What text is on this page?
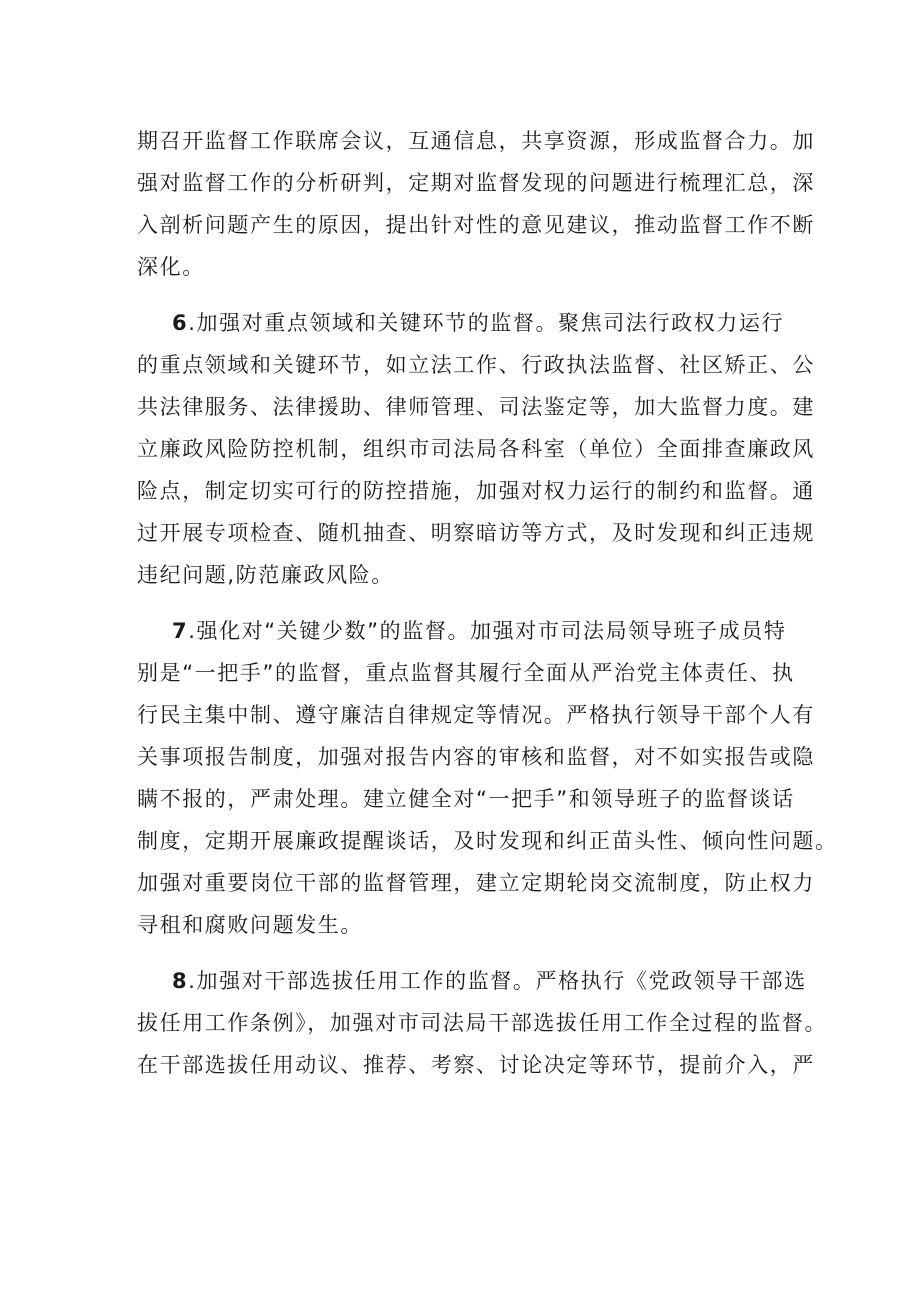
期召开监督工作联席会议，互通信息，共享资源，形成监督合力。加
强对监督工作的分析研判，定期对监督发现的问题进行梳理汇总，深
入剖析问题产生的原因，提出针对性的意见建议，推动监督工作不断
深化。
6.加强对重点领域和关键环节的监督。聚焦司法行政权力运行
的重点领域和关键环节，如立法工作、行政执法监督、社区矫正、公
共法律服务、法律援助、律师管理、司法鉴定等，加大监督力度。建
立廉政风险防控机制，组织市司法局各科室（单位）全面排查廉政风
险点，制定切实可行的防控措施，加强对权力运行的制约和监督。通
过开展专项检查、随机抽查、明察暗访等方式，及时发现和纠正违规
违纪问题,防范廉政风险。
7.强化对“关键少数”的监督。加强对市司法局领导班子成员特
别是“一把手”的监督，重点监督其履行全面从严治党主体责任、执
行民主集中制、遵守廉洁自律规定等情况。严格执行领导干部个人有
关事项报告制度，加强对报告内容的审核和监督，对不如实报告或隐
瞒不报的，严肃处理。建立健全对“一把手”和领导班子的监督谈话
制度，定期开展廉政提醒谈话，及时发现和纠正苗头性、倾向性问题。
加强对重要岗位干部的监督管理，建立定期轮岗交流制度，防止权力
寻租和腐败问题发生。
8.加强对干部选拔任用工作的监督。严格执行《党政领导干部选
拔任用工作条例》，加强对市司法局干部选拔任用工作全过程的监督。
在干部选拔任用动议、推荐、考察、讨论决定等环节，提前介入，严
